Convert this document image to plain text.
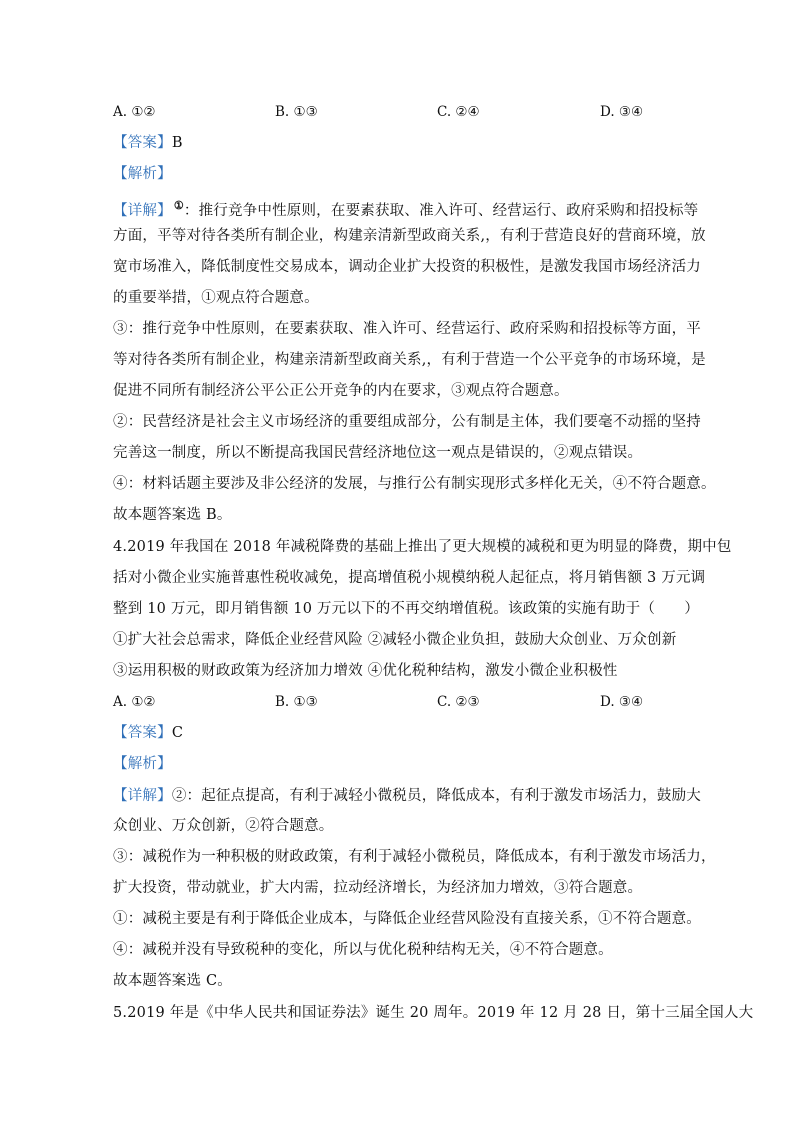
A. ①②	B. ①③	C. ②④	D. ③④
【答案】B
【解析】
【详解】 ①：推行竞争中性原则，在要素获取、准入许可、经营运行、政府采购和招投标等
方面，平等对待各类所有制企业，构建亲清新型政商关系,，有利于营造良好的营商环境，放
宽市场准入，降低制度性交易成本，调动企业扩大投资的积极性，是激发我国市场经济活力
的重要举措，①观点符合题意。
③：推行竞争中性原则，在要素获取、准入许可、经营运行、政府采购和招投标等方面，平
等对待各类所有制企业，构建亲清新型政商关系,，有利于营造一个公平竞争的市场环境，是
促进不同所有制经济公平公正公开竞争的内在要求，③观点符合题意。
②：民营经济是社会主义市场经济的重要组成部分，公有制是主体，我们要毫不动摇的坚持
完善这一制度，所以不断提高我国民营经济地位这一观点是错误的，②观点错误。
④：材料话题主要涉及非公经济的发展，与推行公有制实现形式多样化无关，④不符合题意。
故本题答案选 B。
4.2019 年我国在 2018 年减税降费的基础上推出了更大规模的减税和更为明显的降费，期中包
括对小微企业实施普惠性税收减免，提高增值税小规模纳税人起征点，将月销售额 3 万元调
整到 10 万元，即月销售额 10 万元以下的不再交纳增值税。该政策的实施有助于（　　）
①扩大社会总需求，降低企业经营风险 ②减轻小微企业负担，鼓励大众创业、万众创新
③运用积极的财政政策为经济加力增效 ④优化税种结构，激发小微企业积极性
A. ①②	B. ①③	C. ②③	D. ③④
【答案】C
【解析】
【详解】②：起征点提高，有利于减轻小微税员，降低成本，有利于激发市场活力，鼓励大
众创业、万众创新，②符合题意。
③：减税作为一种积极的财政政策，有利于减轻小微税员，降低成本，有利于激发市场活力，
扩大投资，带动就业，扩大内需，拉动经济增长，为经济加力增效，③符合题意。
①：减税主要是有利于降低企业成本，与降低企业经营风险没有直接关系，①不符合题意。
④：减税并没有导致税种的变化，所以与优化税种结构无关，④不符合题意。
故本题答案选 C。
5.2019 年是《中华人民共和国证券法》诞生 20 周年。2019 年 12 月 28 日，第十三届全国人大
